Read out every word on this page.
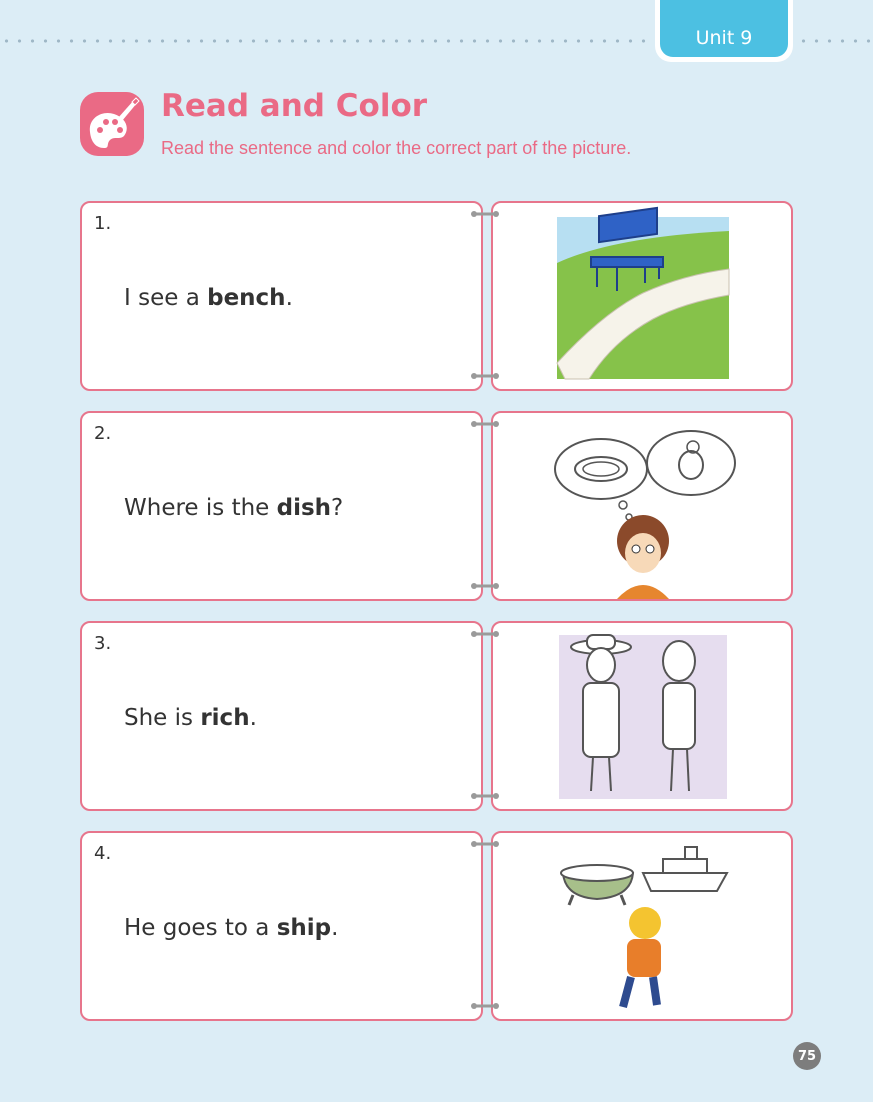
Unit 9
Read and Color
Read the sentence and color the correct part of the picture.
1.
I see a bench.
2.
Where is the dish?
3.
She is rich.
4.
He goes to a ship.
75
